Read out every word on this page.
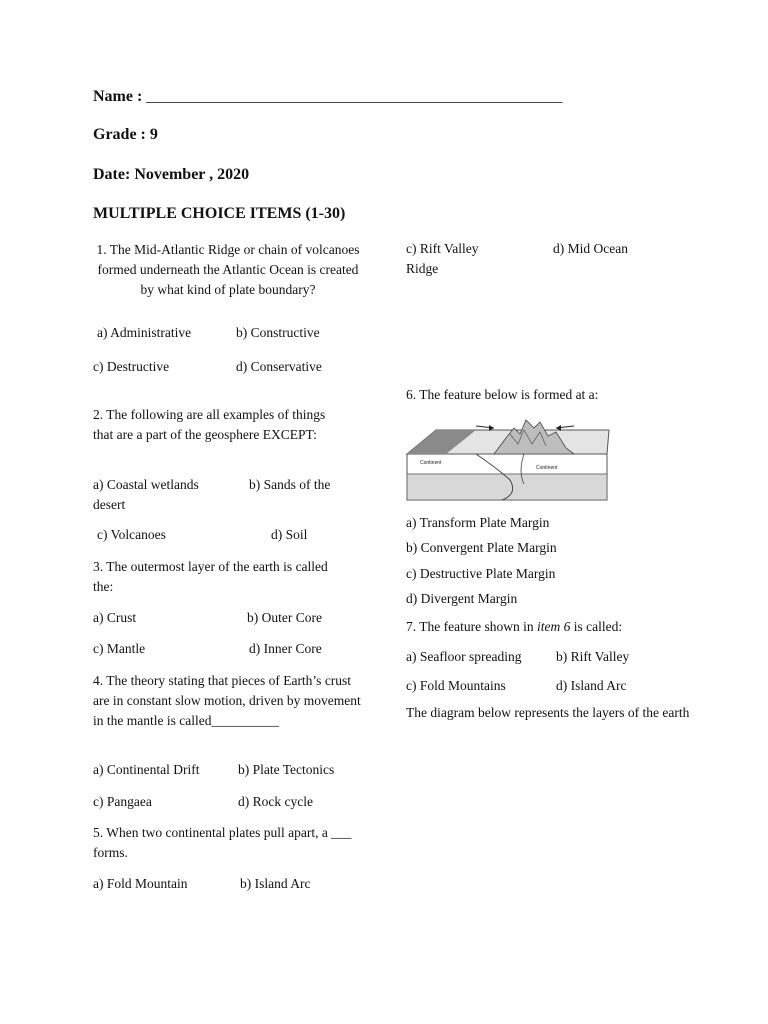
Name : ____________________________________________________
Grade : 9
Date: November , 2020
MULTIPLE CHOICE ITEMS (1-30)
1. The Mid-Atlantic Ridge or chain of volcanoes formed underneath the Atlantic Ocean is created by what kind of plate boundary?
a) Administrative	b) Constructive
c) Destructive	d) Conservative
2. The following are all examples of things that are a part of the geosphere EXCEPT:
a) Coastal wetlands	b) Sands of the
desert
c) Volcanoes	d) Soil
3. The outermost layer of the earth is called the:
a) Crust	b) Outer Core
c) Mantle	d) Inner Core
4. The theory stating that pieces of Earth’s crust are in constant slow motion, driven by movement in the mantle is called__________
a) Continental Drift	b) Plate Tectonics
c) Pangaea	d) Rock cycle
5. When two continental plates pull apart, a ___ forms.
a) Fold Mountain	b) Island Arc
c) Rift Valley	d) Mid Ocean
Ridge
6. The feature below is formed at a:
Continent
Continent
a) Transform Plate Margin
b) Convergent Plate Margin
c) Destructive Plate Margin
d) Divergent Margin
7. The feature shown in item 6 is called:
a) Seafloor spreading	b) Rift Valley
c) Fold Mountains	d) Island Arc
The diagram below represents the layers of the earth
